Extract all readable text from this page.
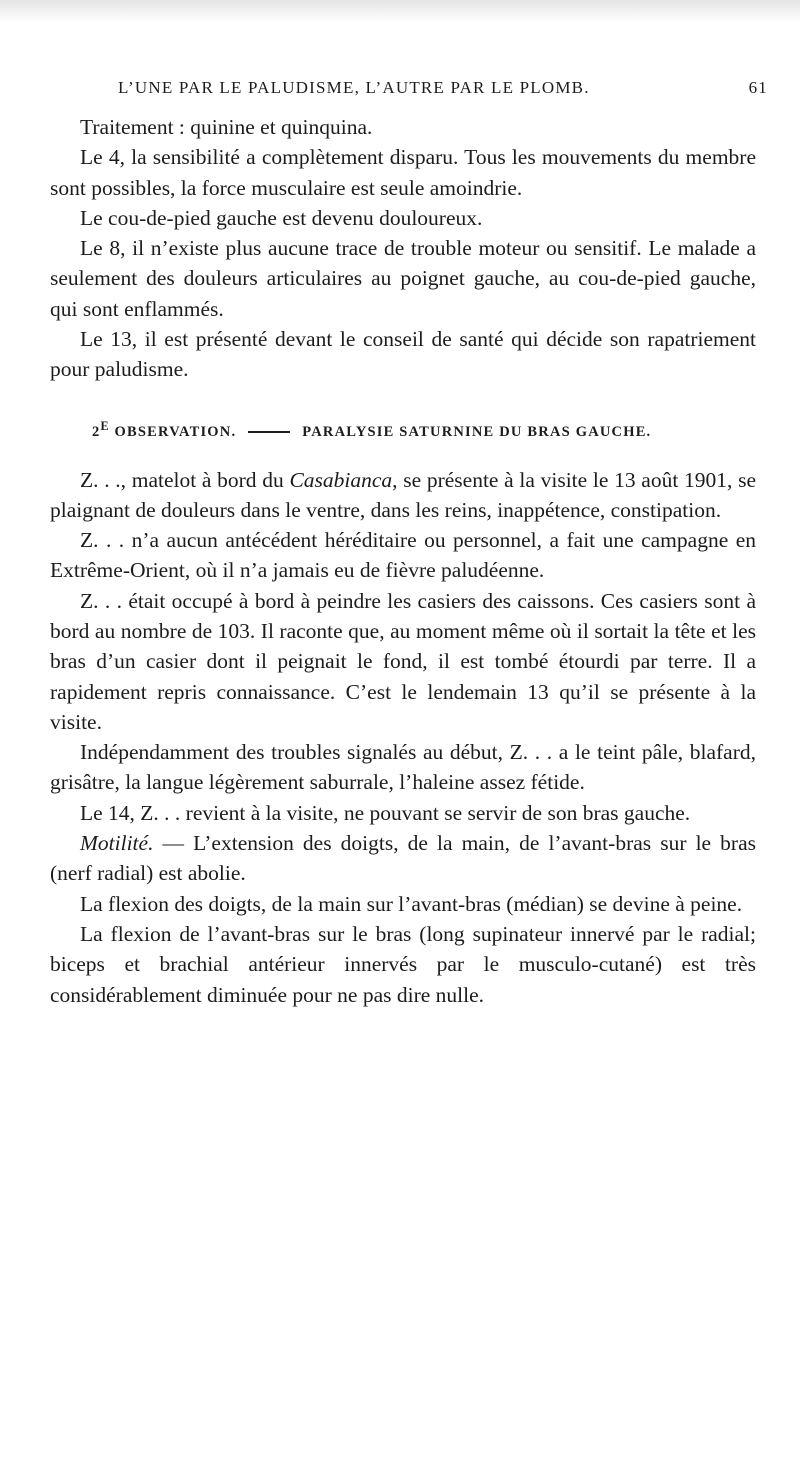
L’UNE PAR LE PALUDISME, L’AUTRE PAR LE PLOMB.	61

Traitement : quinine et quinquina.

Le 4, la sensibilité a complètement disparu. Tous les mouvements du membre sont possibles, la force musculaire est seule amoindrie.

Le cou-de-pied gauche est devenu douloureux.

Le 8, il n’existe plus aucune trace de trouble moteur ou sensitif. Le malade a seulement des douleurs articulaires au poignet gauche, au cou-de-pied gauche, qui sont enflammés.

Le 13, il est présenté devant le conseil de santé qui décide son rapatriement pour paludisme.

$2^E$ OBSERVATION.	PARALYSIE SATURNINE DU BRAS GAUCHE.

Z. . ., matelot à bord du Casabianca, se présente à la visite le 13 août 1901, se plaignant de douleurs dans le ventre, dans les reins, inappétence, constipation.

Z. . . n’a aucun antécédent héréditaire ou personnel, a fait une campagne en Extrême-Orient, où il n’a jamais eu de fièvre paludéenne.

Z. . . était occupé à bord à peindre les casiers des caissons. Ces casiers sont à bord au nombre de 103. Il raconte que, au moment même où il sortait la tête et les bras d’un casier dont il peignait le fond, il est tombé étourdi par terre. Il a rapidement repris connaissance. C’est le lendemain 13 qu’il se présente à la visite.

Indépendamment des troubles signalés au début, Z. . . a le teint pâle, blafard, grisâtre, la langue légèrement saburrale, l’haleine assez fétide.

Le 14, Z. . . revient à la visite, ne pouvant se servir de son bras gauche.

Motilité. — L’extension des doigts, de la main, de l’avant-bras sur le bras (nerf radial) est abolie.

La flexion des doigts, de la main sur l’avant-bras (médian) se devine à peine.

La flexion de l’avant-bras sur le bras (long supinateur innervé par le radial; biceps et brachial antérieur innervés par le musculo-cutané) est très considérablement diminuée pour ne pas dire nulle.
